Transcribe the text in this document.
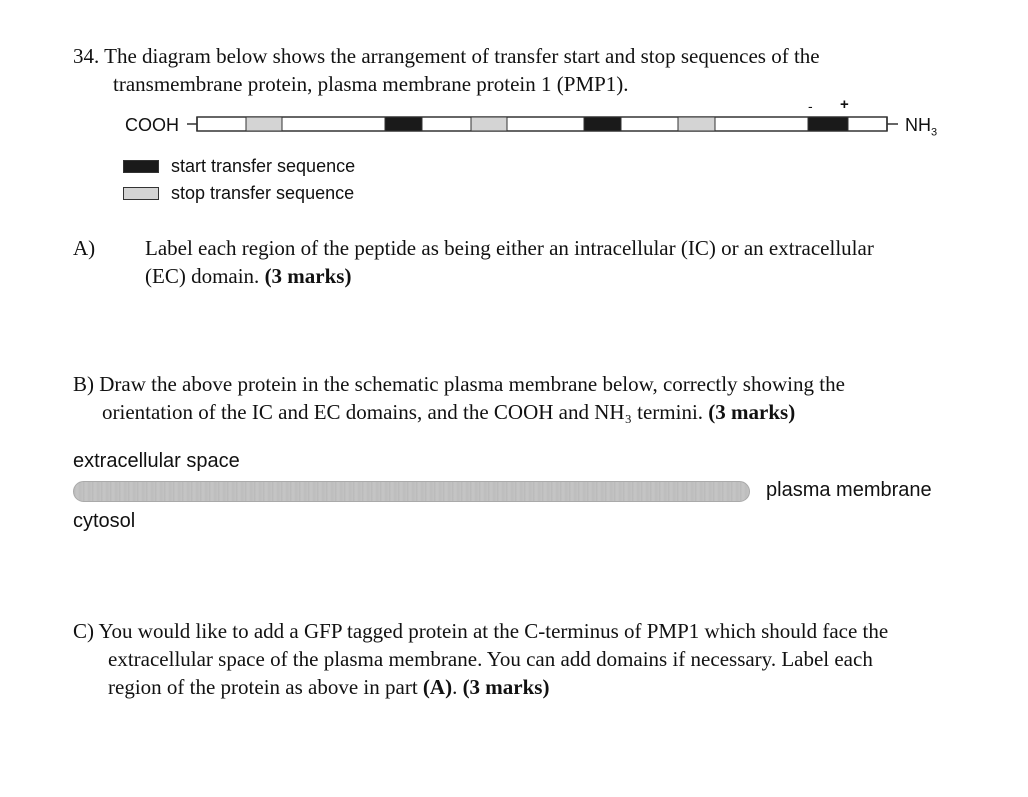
34. The diagram below shows the arrangement of transfer start and stop sequences of the
transmembrane protein, plasma membrane protein 1 (PMP1).
COOH	$NH_3$
- +
start transfer sequence
stop transfer sequence
A) Label each region of the peptide as being either an intracellular (IC) or an extracellular
(EC) domain. (3 marks)
B) Draw the above protein in the schematic plasma membrane below, correctly showing the
orientation of the IC and EC domains, and the COOH and NH₃ termini. (3 marks)
extracellular space
plasma membrane
cytosol
C) You would like to add a GFP tagged protein at the C-terminus of PMP1 which should face the
extracellular space of the plasma membrane. You can add domains if necessary. Label each
region of the protein as above in part (A). (3 marks)
